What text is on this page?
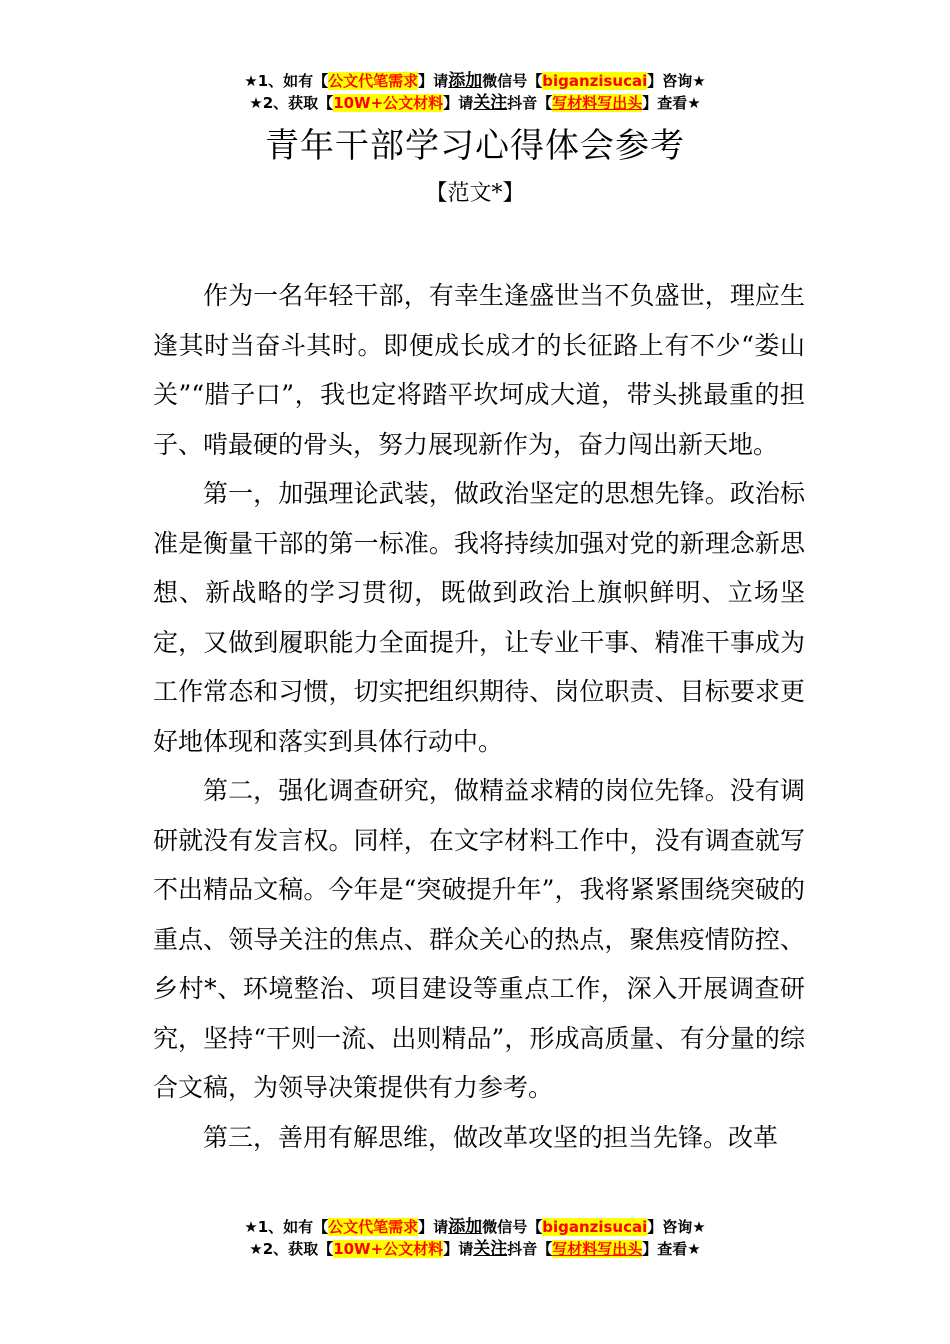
★1、如有【公文代笔需求】请添加微信号【biganzisucai】咨询★
★2、获取【10W+公文材料】请关注抖音【写材料写出头】查看★
青年干部学习心得体会参考
【范文*】

作为一名年轻干部，有幸生逢盛世当不负盛世，理应生逢其时当奋斗其时。即便成长成才的长征路上有不少“娄山关”“腊子口”，我也定将踏平坎坷成大道，带头挑最重的担子、啃最硬的骨头，努力展现新作为，奋力闯出新天地。

第一，加强理论武装，做政治坚定的思想先锋。政治标准是衡量干部的第一标准。我将持续加强对党的新理念新思想、新战略的学习贯彻，既做到政治上旗帜鲜明、立场坚定，又做到履职能力全面提升，让专业干事、精准干事成为工作常态和习惯，切实把组织期待、岗位职责、目标要求更好地体现和落实到具体行动中。

第二，强化调查研究，做精益求精的岗位先锋。没有调研就没有发言权。同样，在文字材料工作中，没有调查就写不出精品文稿。今年是“突破提升年”，我将紧紧围绕突破的重点、领导关注的焦点、群众关心的热点，聚焦疫情防控、乡村*、环境整治、项目建设等重点工作，深入开展调查研究，坚持“干则一流、出则精品”，形成高质量、有分量的综合文稿，为领导决策提供有力参考。

第三，善用有解思维，做改革攻坚的担当先锋。改革

★1、如有【公文代笔需求】请添加微信号【biganzisucai】咨询★
★2、获取【10W+公文材料】请关注抖音【写材料写出头】查看★
